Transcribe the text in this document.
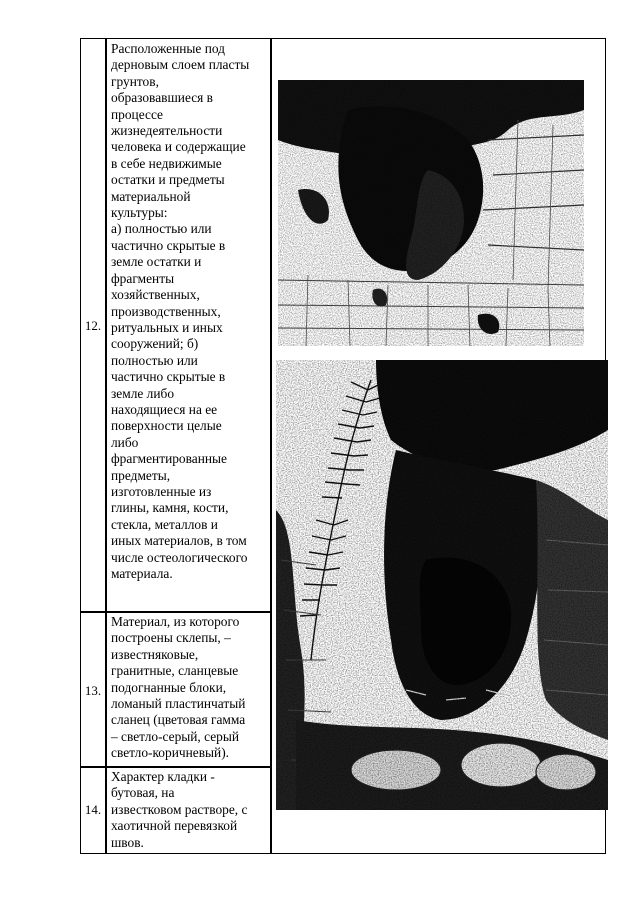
12.
Расположенные под
дерновым слоем пласты
грунтов,
образовавшиеся в
процессе
жизнедеятельности
человека и содержащие
в себе недвижимые
остатки и предметы
материальной
культуры:
а) полностью или
частично скрытые в
земле остатки и
фрагменты
хозяйственных,
производственных,
ритуальных и иных
сооружений; б)
полностью или
частично скрытые в
земле либо
находящиеся на ее
поверхности целые
либо
фрагментированные
предметы,
изготовленные из
глины, камня, кости,
стекла, металлов и
иных материалов, в том
числе остеологического
материала.
13.
Материал, из которого
построены склепы, –
известняковые,
гранитные, сланцевые
подогнанные блоки,
ломаный пластинчатый
сланец (цветовая гамма
– светло-серый, серый
светло-коричневый).
14.
Характер кладки -
бутовая, на
известковом растворе, с
хаотичной перевязкой
швов.
